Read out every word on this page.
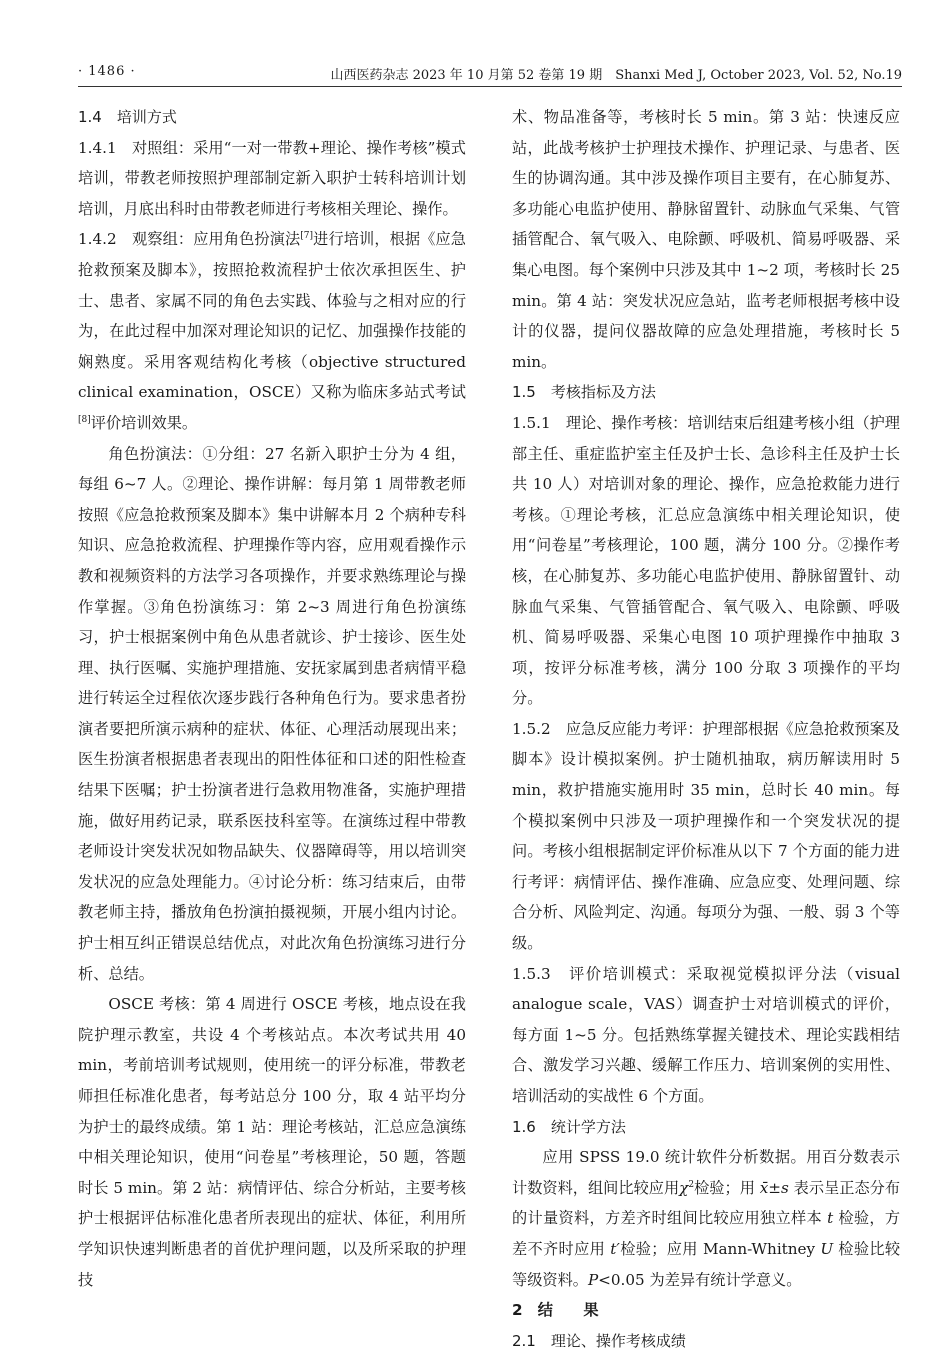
· 1486 ·	山西医药杂志 2023 年 10 月第 52 卷第 19 期　Shanxi Med J, October 2023, Vol. 52, No.19

1.4　培训方式

1.4.1　对照组：采用“一对一带教+理论、操作考核”模式培训，带教老师按照护理部制定新入职护士转科培训计划培训，月底出科时由带教老师进行考核相关理论、操作。

1.4.2　观察组：应用角色扮演法[7]进行培训，根据《应急抢救预案及脚本》，按照抢救流程护士依次承担医生、护士、患者、家属不同的角色去实践、体验与之相对应的行为，在此过程中加深对理论知识的记忆、加强操作技能的娴熟度。采用客观结构化考核（objective structured clinical examination，OSCE）又称为临床多站式考试[8]评价培训效果。

角色扮演法：①分组：27 名新入职护士分为 4 组，每组 6~7 人。②理论、操作讲解：每月第 1 周带教老师按照《应急抢救预案及脚本》集中讲解本月 2 个病种专科知识、应急抢救流程、护理操作等内容，应用观看操作示教和视频资料的方法学习各项操作，并要求熟练理论与操作掌握。③角色扮演练习：第 2~3 周进行角色扮演练习，护士根据案例中角色从患者就诊、护士接诊、医生处理、执行医嘱、实施护理措施、安抚家属到患者病情平稳进行转运全过程依次逐步践行各种角色行为。要求患者扮演者要把所演示病种的症状、体征、心理活动展现出来；医生扮演者根据患者表现出的阳性体征和口述的阳性检查结果下医嘱；护士扮演者进行急救用物准备，实施护理措施，做好用药记录，联系医技科室等。在演练过程中带教老师设计突发状况如物品缺失、仪器障碍等，用以培训突发状况的应急处理能力。④讨论分析：练习结束后，由带教老师主持，播放角色扮演拍摄视频，开展小组内讨论。护士相互纠正错误总结优点，对此次角色扮演练习进行分析、总结。

OSCE 考核：第 4 周进行 OSCE 考核，地点设在我院护理示教室，共设 4 个考核站点。本次考试共用 40 min，考前培训考试规则，使用统一的评分标准，带教老师担任标准化患者，每考站总分 100 分，取 4 站平均分为护士的最终成绩。第 1 站：理论考核站，汇总应急演练中相关理论知识，使用“问卷星”考核理论，50 题，答题时长 5 min。第 2 站：病情评估、综合分析站，主要考核护士根据评估标准化患者所表现出的症状、体征，利用所学知识快速判断患者的首优护理问题，以及所采取的护理技

术、物品准备等，考核时长 5 min。第 3 站：快速反应站，此战考核护士护理技术操作、护理记录、与患者、医生的协调沟通。其中涉及操作项目主要有，在心肺复苏、多功能心电监护使用、静脉留置针、动脉血气采集、气管插管配合、氧气吸入、电除颤、呼吸机、简易呼吸器、采集心电图。每个案例中只涉及其中 1~2 项，考核时长 25 min。第 4 站：突发状况应急站，监考老师根据考核中设计的仪器，提问仪器故障的应急处理措施，考核时长 5 min。

1.5　考核指标及方法

1.5.1　理论、操作考核：培训结束后组建考核小组（护理部主任、重症监护室主任及护士长、急诊科主任及护士长共 10 人）对培训对象的理论、操作，应急抢救能力进行考核。①理论考核，汇总应急演练中相关理论知识，使用“问卷星”考核理论，100 题，满分 100 分。②操作考核，在心肺复苏、多功能心电监护使用、静脉留置针、动脉血气采集、气管插管配合、氧气吸入、电除颤、呼吸机、简易呼吸器、采集心电图 10 项护理操作中抽取 3 项，按评分标准考核，满分 100 分取 3 项操作的平均分。

1.5.2　应急反应能力考评：护理部根据《应急抢救预案及脚本》设计模拟案例。护士随机抽取，病历解读用时 5 min，救护措施实施用时 35 min，总时长 40 min。每个模拟案例中只涉及一项护理操作和一个突发状况的提问。考核小组根据制定评价标准从以下 7 个方面的能力进行考评：病情评估、操作准确、应急应变、处理问题、综合分析、风险判定、沟通。每项分为强、一般、弱 3 个等级。

1.5.3　评价培训模式：采取视觉模拟评分法（visual analogue scale，VAS）调查护士对培训模式的评价，每方面 1~5 分。包括熟练掌握关键技术、理论实践相结合、激发学习兴趣、缓解工作压力、培训案例的实用性、培训活动的实战性 6 个方面。

1.6　统计学方法

应用 SPSS 19.0 统计软件分析数据。用百分数表示计数资料，组间比较应用$\chi^2$检验；用 x̄±s 表示呈正态分布的计量资料，方差齐时组间比较应用独立样本 t 检验，方差不齐时应用 t′检验；应用 Mann-Whitney U 检验比较等级资料。P<0.05 为差异有统计学意义。

2　结　　果

2.1　理论、操作考核成绩
